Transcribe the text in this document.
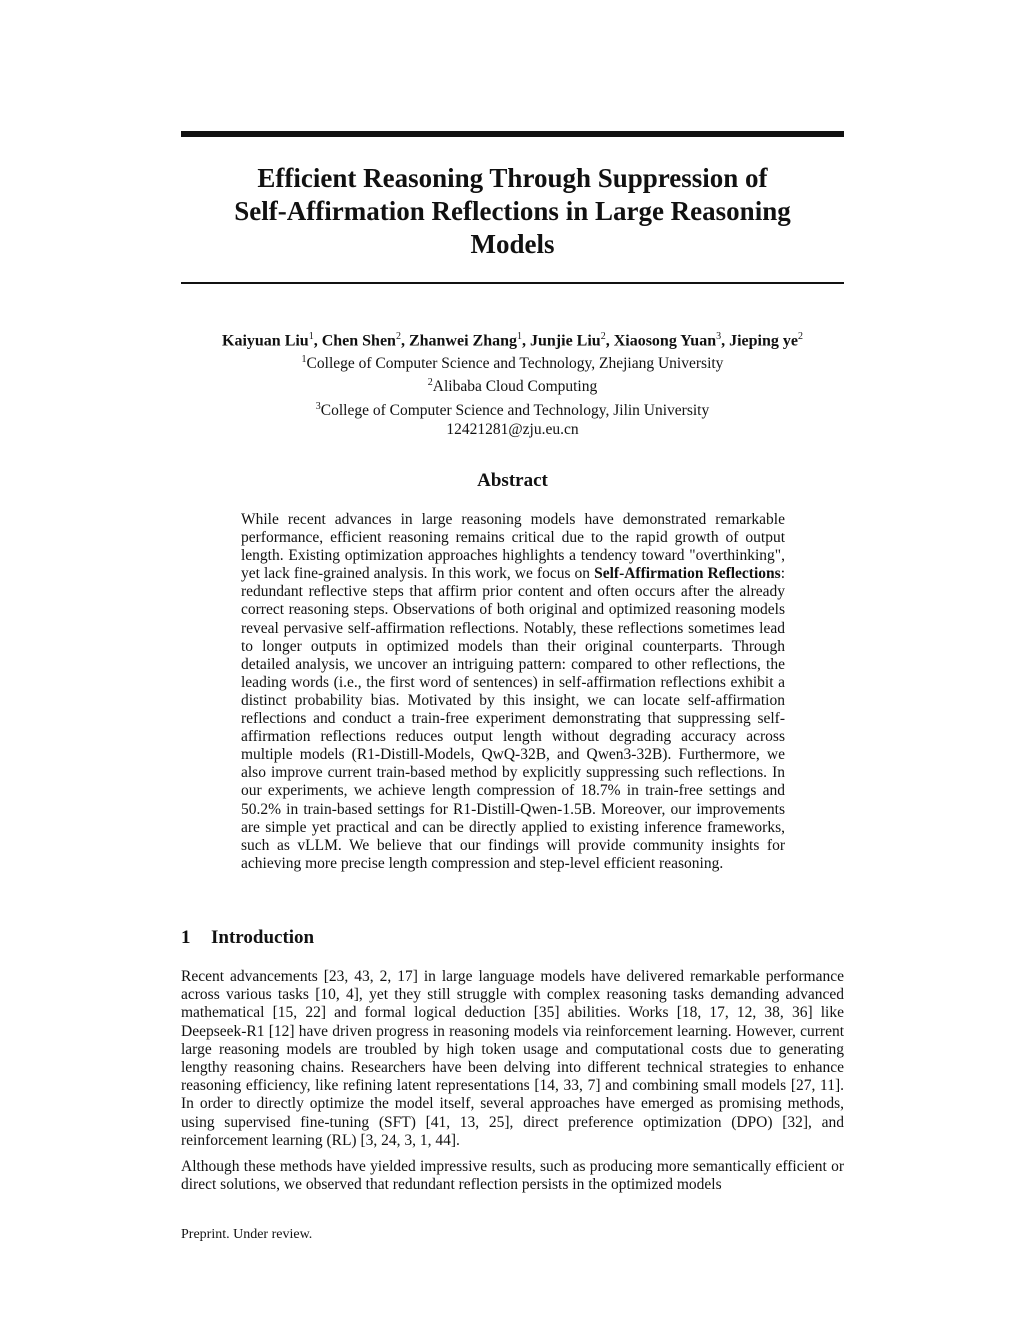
Efficient Reasoning Through Suppression of
Self-Affirmation Reflections in Large Reasoning
Models
Kaiyuan Liu$^1$, Chen Shen$^2$, Zhanwei Zhang$^1$, Junjie Liu$^2$, Xiaosong Yuan$^3$, Jieping $ye^2$
$^1$College of Computer Science and Technology, Zhejiang University
$^2$Alibaba Cloud Computing
$^3$College of Computer Science and Technology, Jilin University
12421281@zju.eu.cn
Abstract
While recent advances in large reasoning models have demonstrated remarkable performance, efficient reasoning remains critical due to the rapid growth of output length. Existing optimization approaches highlights a tendency toward "overthinking", yet lack fine-grained analysis. In this work, we focus on Self-Affirmation Reflections: redundant reflective steps that affirm prior content and often occurs after the already correct reasoning steps. Observations of both original and optimized reasoning models reveal pervasive self-affirmation reflections. Notably, these reflections sometimes lead to longer outputs in optimized models than their original counterparts. Through detailed analysis, we uncover an intriguing pattern: compared to other reflections, the leading words (i.e., the first word of sentences) in self-affirmation reflections exhibit a distinct probability bias. Motivated by this insight, we can locate self-affirmation reflections and conduct a train-free experiment demonstrating that suppressing self-affirmation reflections reduces output length without degrading accuracy across multiple models (R1-Distill-Models, QwQ-32B, and Qwen3-32B). Furthermore, we also improve current train-based method by explicitly suppressing such reflections. In our experiments, we achieve length compression of 18.7% in train-free settings and 50.2% in train-based settings for R1-Distill-Qwen-1.5B. Moreover, our improvements are simple yet practical and can be directly applied to existing inference frameworks, such as vLLM. We believe that our findings will provide community insights for achieving more precise length compression and step-level efficient reasoning.
1 Introduction

Recent advancements [23, 43, 2, 17] in large language models have delivered remarkable performance across various tasks [10, 4], yet they still struggle with complex reasoning tasks demanding advanced mathematical [15, 22] and formal logical deduction [35] abilities. Works [18, 17, 12, 38, 36] like Deepseek-R1 [12] have driven progress in reasoning models via reinforcement learning. However, current large reasoning models are troubled by high token usage and computational costs due to generating lengthy reasoning chains. Researchers have been delving into different technical strategies to enhance reasoning efficiency, like refining latent representations [14, 33, 7] and combining small models [27, 11]. In order to directly optimize the model itself, several approaches have emerged as promising methods, using supervised fine-tuning (SFT) [41, 13, 25], direct preference optimization (DPO) [32], and reinforcement learning (RL) [3, 24, 3, 1, 44].

Although these methods have yielded impressive results, such as producing more semantically efficient or direct solutions, we observed that redundant reflection persists in the optimized models

Preprint. Under review.
